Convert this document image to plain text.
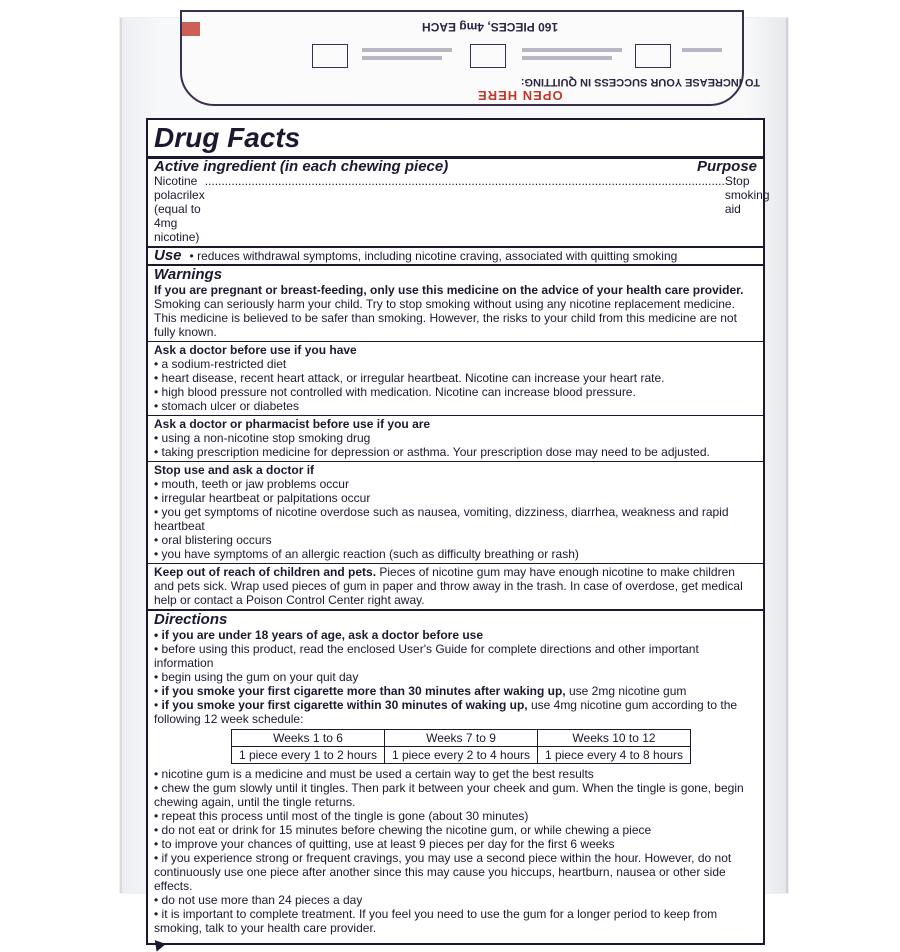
160 PIECES, 4mg EACH
TO INCREASE YOUR SUCCESS IN QUITTING:
OPEN HERE
Drug Facts
Active ingredient (in each chewing piece)	Purpose
Nicotine polacrilex (equal to 4mg nicotine)
............................................................................................................................................................ Stop smoking aid
Use • reduces withdrawal symptoms, including nicotine craving, associated with quitting smoking
Warnings
If you are pregnant or breast-feeding, only use this medicine on the advice of your health care provider.
Smoking can seriously harm your child. Try to stop smoking without using any nicotine replacement medicine. This medicine is believed to be safer than smoking. However, the risks to your child from this medicine are not fully known.
Ask a doctor before use if you have
• a sodium-restricted diet
• heart disease, recent heart attack, or irregular heartbeat. Nicotine can increase your heart rate.
• high blood pressure not controlled with medication. Nicotine can increase blood pressure.
• stomach ulcer or diabetes
Ask a doctor or pharmacist before use if you are
• using a non-nicotine stop smoking drug
• taking prescription medicine for depression or asthma. Your prescription dose may need to be adjusted.
Stop use and ask a doctor if
• mouth, teeth or jaw problems occur
• irregular heartbeat or palpitations occur
• you get symptoms of nicotine overdose such as nausea, vomiting, dizziness, diarrhea, weakness and rapid heartbeat
• oral blistering occurs
• you have symptoms of an allergic reaction (such as difficulty breathing or rash)
Keep out of reach of children and pets. Pieces of nicotine gum may have enough nicotine to make children and pets sick. Wrap used pieces of gum in paper and throw away in the trash. In case of overdose, get medical help or contact a Poison Control Center right away.
Directions
• if you are under 18 years of age, ask a doctor before use
• before using this product, read the enclosed User's Guide for complete directions and other important information
• begin using the gum on your quit day
• if you smoke your first cigarette more than 30 minutes after waking up, use 2mg nicotine gum
• if you smoke your first cigarette within 30 minutes of waking up, use 4mg nicotine gum according to the following 12 week schedule:
Weeks 1 to 6	Weeks 7 to 9	Weeks 10 to 12
1 piece every 1 to 2 hours	1 piece every 2 to 4 hours	1 piece every 4 to 8 hours
• nicotine gum is a medicine and must be used a certain way to get the best results
• chew the gum slowly until it tingles. Then park it between your cheek and gum. When the tingle is gone, begin chewing again, until the tingle returns.
• repeat this process until most of the tingle is gone (about 30 minutes)
• do not eat or drink for 15 minutes before chewing the nicotine gum, or while chewing a piece
• to improve your chances of quitting, use at least 9 pieces per day for the first 6 weeks
• if you experience strong or frequent cravings, you may use a second piece within the hour. However, do not continuously use one piece after another since this may cause you hiccups, heartburn, nausea or other side effects.
• do not use more than 24 pieces a day
• it is important to complete treatment. If you feel you need to use the gum for a longer period to keep from smoking, talk to your health care provider.
